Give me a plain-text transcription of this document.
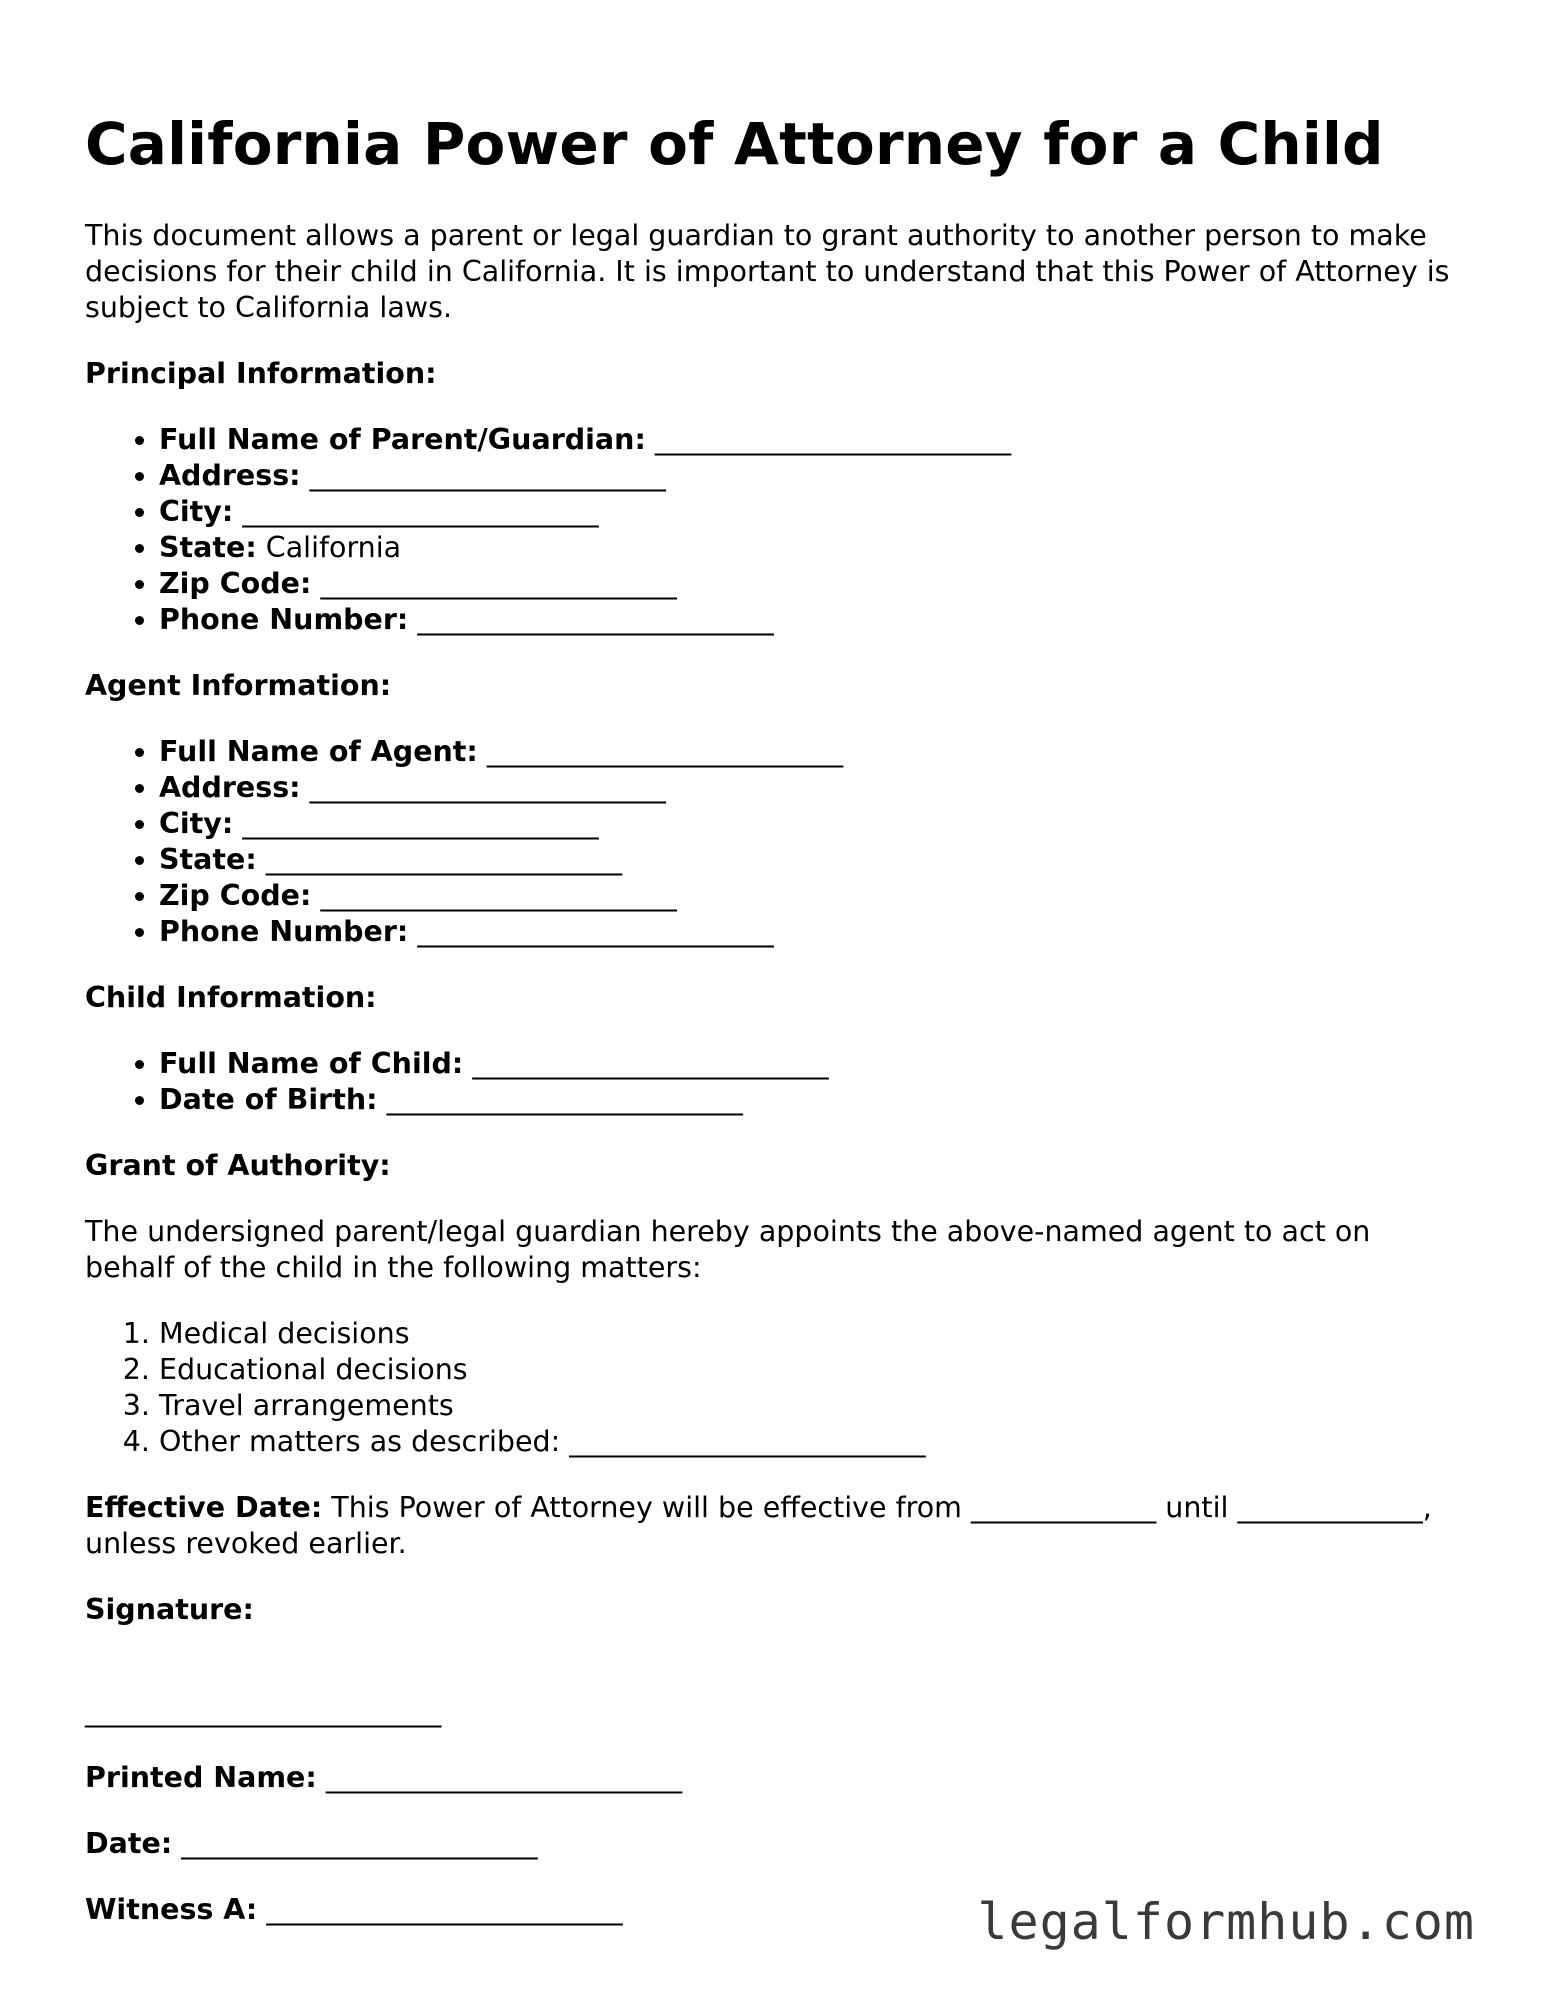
California Power of Attorney for a Child

This document allows a parent or legal guardian to grant authority to another person to make decisions for their child in California. It is important to understand that this Power of Attorney is subject to California laws.

Principal Information:

• Full Name of Parent/Guardian: _________________________
• Address: _________________________
• City: _________________________
• State: California
• Zip Code: _________________________
• Phone Number: _________________________

Agent Information:

• Full Name of Agent: _________________________
• Address: _________________________
• City: _________________________
• State: _________________________
• Zip Code: _________________________
• Phone Number: _________________________

Child Information:

• Full Name of Child: _________________________
• Date of Birth: _________________________

Grant of Authority:

The undersigned parent/legal guardian hereby appoints the above-named agent to act on behalf of the child in the following matters:

1. Medical decisions
2. Educational decisions
3. Travel arrangements
4. Other matters as described: _________________________

Effective Date: This Power of Attorney will be effective from _____________ until _____________, unless revoked earlier.

Signature:

_________________________

Printed Name: _________________________

Date: _________________________

Witness A: _________________________	legalformhub.com
